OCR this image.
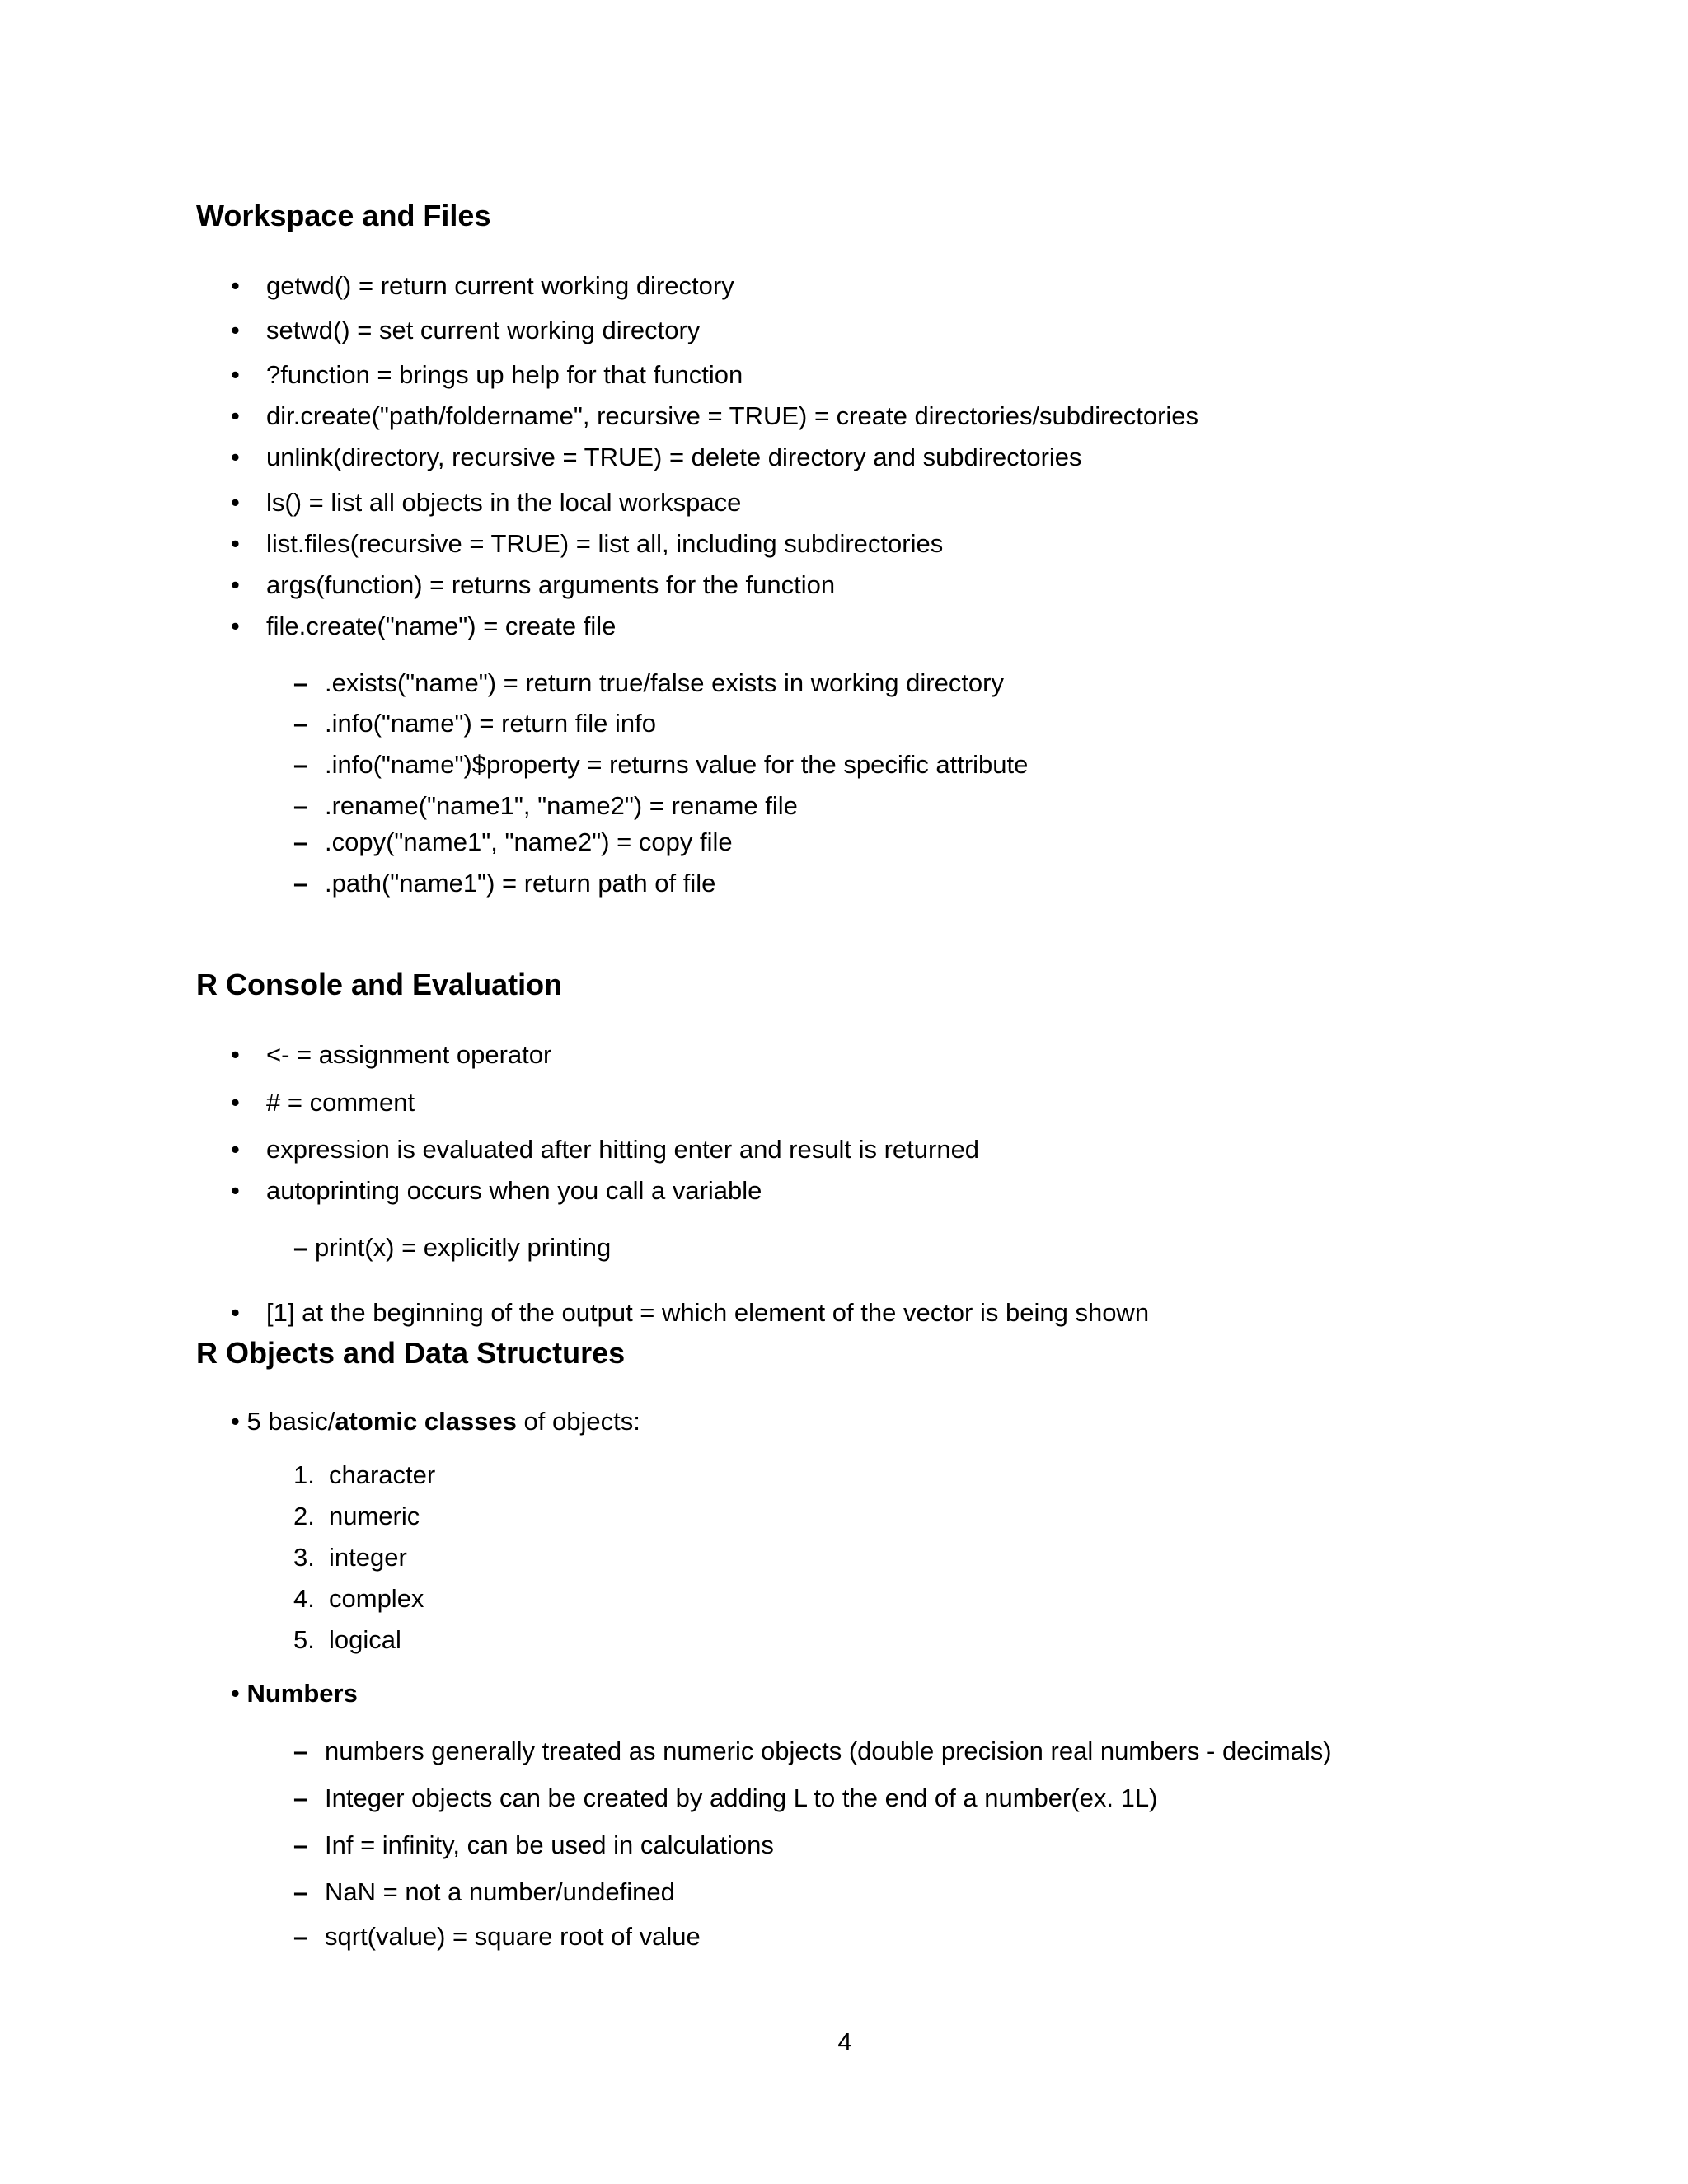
Workspace and Files
• getwd() = return current working directory
• setwd() = set current working directory
• ?function = brings up help for that function
• dir.create("path/foldername", recursive = TRUE) = create directories/subdirectories
• unlink(directory, recursive = TRUE) = delete directory and subdirectories
• ls() = list all objects in the local workspace
• list.files(recursive = TRUE) = list all, including subdirectories
• args(function) = returns arguments for the function
• file.create("name") = create file
– .exists("name") = return true/false exists in working directory
– .info("name") = return file info
– .info("name")$property = returns value for the specific attribute
– .rename("name1", "name2") = rename file
– .copy("name1", "name2") = copy file
– .path("name1") = return path of file
R Console and Evaluation
• <- = assignment operator
• # = comment
• expression is evaluated after hitting enter and result is returned
• autoprinting occurs when you call a variable
– print(x) = explicitly printing
• [1] at the beginning of the output = which element of the vector is being shown
R Objects and Data Structures
• 5 basic/atomic classes of objects:
1. character
2. numeric
3. integer
4. complex
5. logical
• Numbers
– numbers generally treated as numeric objects (double precision real numbers - decimals)
– Integer objects can be created by adding L to the end of a number(ex. 1L)
– Inf = infinity, can be used in calculations
– NaN = not a number/undefined
– sqrt(value) = square root of value
4
